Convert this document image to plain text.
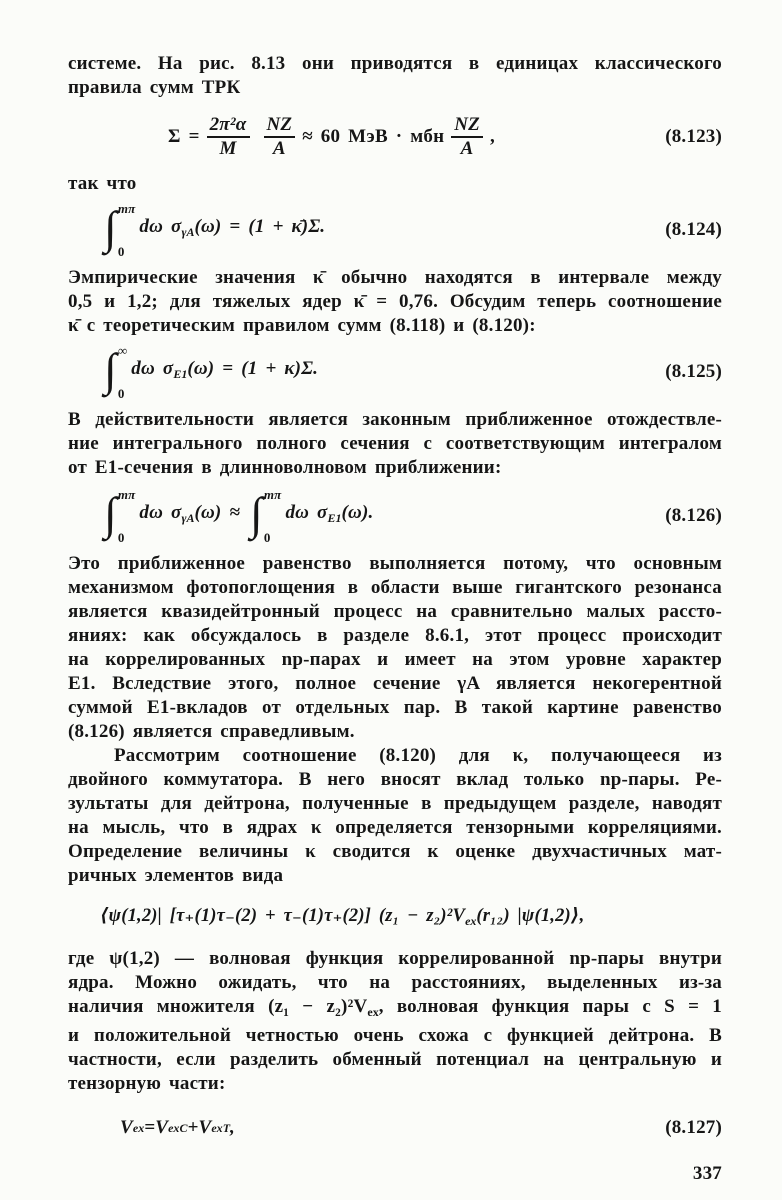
системе. На рис. 8.13 они приводятся в единицах классического
правила сумм ТРК
$\Sigma = \frac{\text{2π²α}}{M} \frac{NZ}{A} \approx 60$ МэВ · мбн $\frac{NZ}{A}$ ,	(8.123)
так что
∫ mπ
0
dω $\sigma_{\gamma A}(\omega) = (1$ + κ̄)Σ.	(8.124)
Эмпирические значения κ̄ обычно находятся в интервале между
0,5 и 1,2; для тяжелых ядер κ̄ = 0,76. Обсудим теперь соотношение
κ̄ с теоретическим правилом сумм (8.118) и (8.120):
∫ ∞
0
dω $\sigma_{E1}(\omega) = (1 + \kappa)\Sigma$.	(8.125)
В действительности является законным приближенное отождествле-
ние интегрального полного сечения с соответствующим интегралом
от E1-сечения в длинноволновом приближении:
∫ mπ
0
dω $\sigma_{\gamma A}(\omega)$ ≈ ∫ mπ
0
dω $\sigma_{E1}(\omega)$.	(8.126)
Это приближенное равенство выполняется потому, что основным
механизмом фотопоглощения в области выше гигантского резонанса
является квазидейтронный процесс на сравнительно малых рассто-
яниях: как обсуждалось в разделе 8.6.1, этот процесс происходит
на коррелированных np-парах и имеет на этом уровне характер
E1. Вследствие этого, полное сечение γA является некогерентной
суммой E1-вкладов от отдельных пар. В такой картине равенство
(8.126) является справедливым.
Рассмотрим соотношение (8.120) для κ, получающееся из
двойного коммутатора. В него вносят вклад только np-пары. Ре-
зультаты для дейтрона, полученные в предыдущем разделе, наводят
на мысль, что в ядрах κ определяется тензорными корреляциями.
Определение величины κ сводится к оценке двухчастичных мат-
ричных элементов вида
⟨ψ(1,2)| [τ₊(1)τ₋(2) + τ₋(1)τ₊(2)] $(z_1 - z_2)^2V_{ex}(r_{12})$ |ψ(1,2)⟩,
где ψ(1,2) — волновая функция коррелированной np-пары внутри
ядра. Можно ожидать, что на расстояниях, выделенных из-за
наличия множителя $(z_1 - z_2)^2V_{ex}$, волновая функция пары с S = 1
и положительной четностью очень схожа с функцией дейтрона. В
частности, если разделить обменный потенциал на центральную и
тензорную части:
V ex = V ex C + V ex T ,	(8.127)
337
